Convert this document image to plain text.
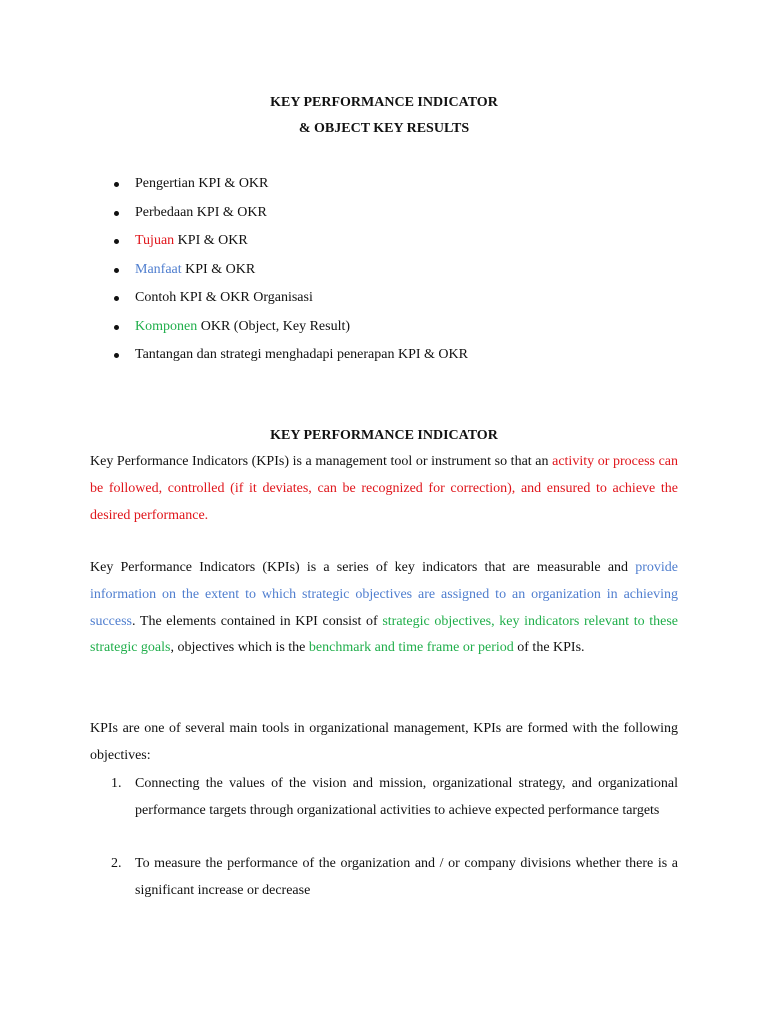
KEY PERFORMANCE INDICATOR
& OBJECT KEY RESULTS
Pengertian KPI & OKR
Perbedaan KPI & OKR
Tujuan KPI & OKR
Manfaat KPI & OKR
Contoh KPI & OKR Organisasi
Komponen OKR (Object, Key Result)
Tantangan dan strategi menghadapi penerapan KPI & OKR
KEY PERFORMANCE INDICATOR

Key Performance Indicators (KPIs) is a management tool or instrument so that an activity or process can be followed, controlled (if it deviates, can be recognized for correction), and ensured to achieve the desired performance.

Key Performance Indicators (KPIs) is a series of key indicators that are measurable and provide information on the extent to which strategic objectives are assigned to an organization in achieving success. The elements contained in KPI consist of strategic objectives, key indicators relevant to these strategic goals, objectives which is the benchmark and time frame or period of the KPIs.

KPIs are one of several main tools in organizational management, KPIs are formed with the following objectives:

1. Connecting the values of the vision and mission, organizational strategy, and organizational performance targets through organizational activities to achieve expected performance targets
2. To measure the performance of the organization and / or company divisions whether there is a significant increase or decrease
